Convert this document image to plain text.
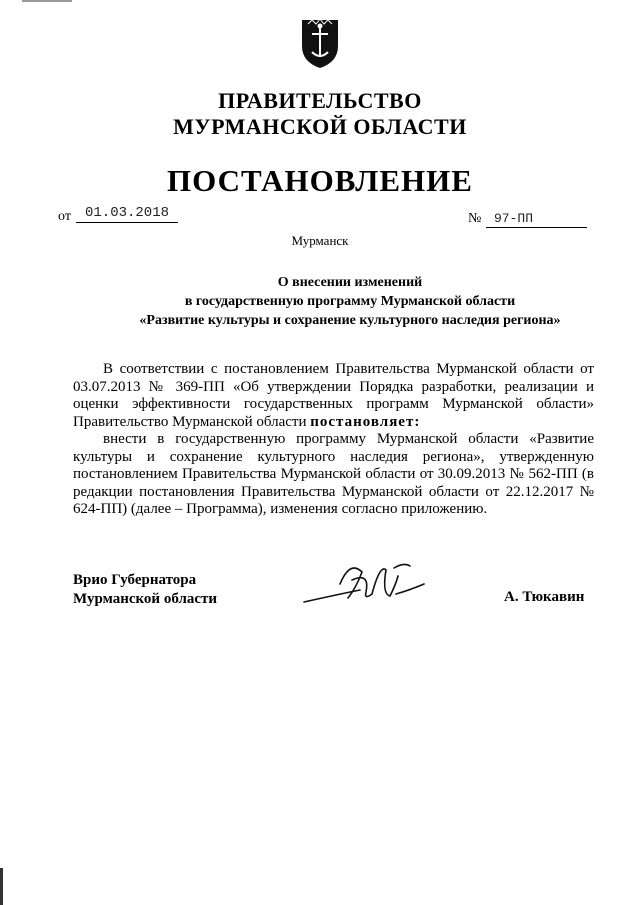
ПРАВИТЕЛЬСТВО
МУРМАНСКОЙ ОБЛАСТИ
ПОСТАНОВЛЕНИЕ
от	01.03.2018	№ 97-ПП
Мурманск
О внесении изменений
в государственную программу Мурманской области
«Развитие культуры и сохранение культурного наследия региона»

В соответствии с постановлением Правительства Мурманской области от 03.07.2013 № 369-ПП «Об утверждении Порядка разработки, реализации и оценки эффективности государственных программ Мурманской области» Правительство Мурманской области постановляет:

внести в государственную программу Мурманской области «Развитие культуры и сохранение культурного наследия региона», утвержденную постановлением Правительства Мурманской области от 30.09.2013 № 562-ПП (в редакции постановления Правительства Мурманской области от 22.12.2017 № 624-ПП) (далее – Программа), изменения согласно приложению.

Врио Губернатора
Мурманской области	А. Тюкавин
